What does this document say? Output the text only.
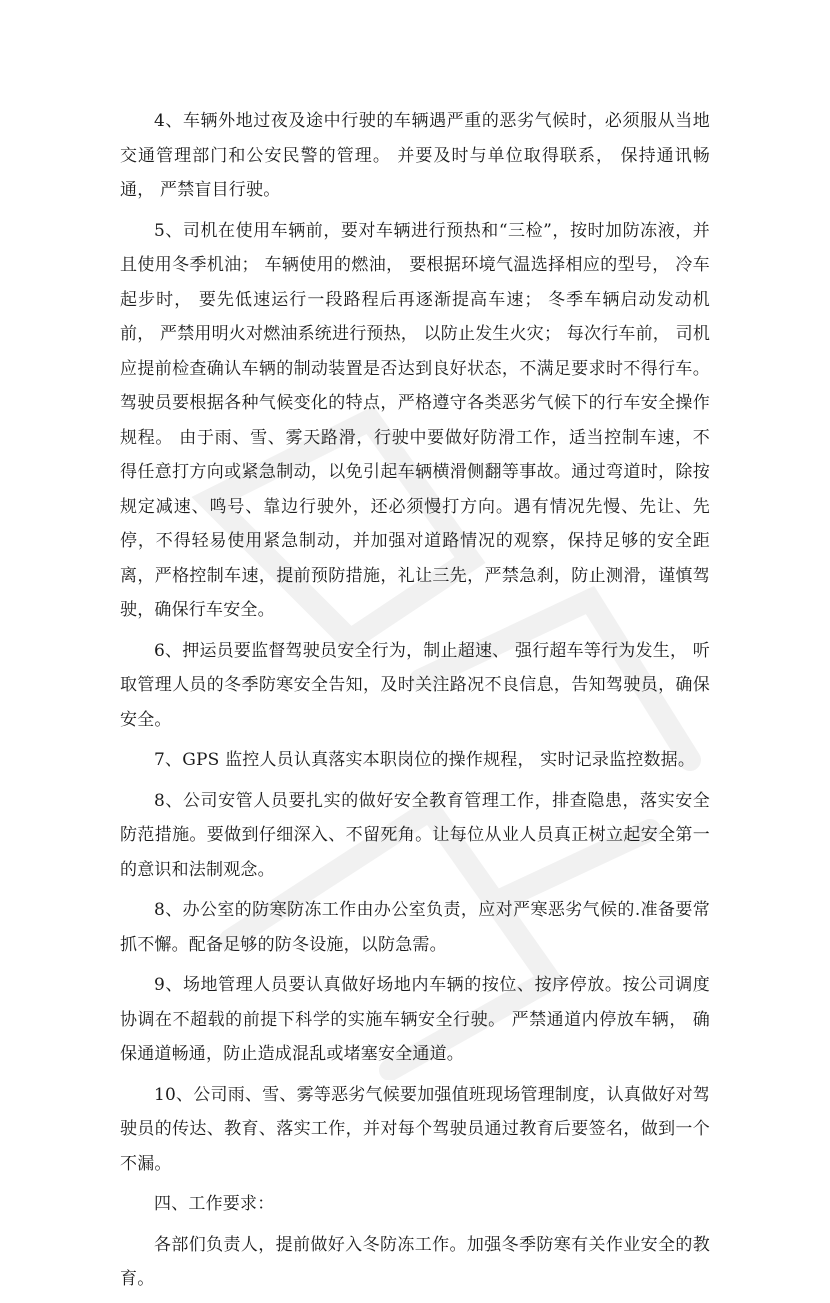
4、车辆外地过夜及途中行驶的车辆遇严重的恶劣气候时，必须服从当地交通管理部门和公安民警的管理。 并要及时与单位取得联系， 保持通讯畅通， 严禁盲目行驶。

5、司机在使用车辆前，要对车辆进行预热和“三检”，按时加防冻液，并且使用冬季机油； 车辆使用的燃油， 要根据环境气温选择相应的型号， 冷车起步时， 要先低速运行一段路程后再逐渐提高车速； 冬季车辆启动发动机前， 严禁用明火对燃油系统进行预热， 以防止发生火灾； 每次行车前， 司机应提前检查确认车辆的制动装置是否达到良好状态，不满足要求时不得行车。 驾驶员要根据各种气候变化的特点，严格遵守各类恶劣气候下的行车安全操作规程。 由于雨、雪、雾天路滑，行驶中要做好防滑工作，适当控制车速，不得任意打方向或紧急制动，以免引起车辆横滑侧翻等事故。通过弯道时，除按规定减速、鸣号、靠边行驶外，还必须慢打方向。遇有情况先慢、先让、先停，不得轻易使用紧急制动，并加强对道路情况的观察，保持足够的安全距离，严格控制车速，提前预防措施，礼让三先，严禁急刹，防止测滑，谨慎驾驶，确保行车安全。

6、押运员要监督驾驶员安全行为，制止超速、 强行超车等行为发生， 听取管理人员的冬季防寒安全告知，及时关注路况不良信息，告知驾驶员，确保安全。

7、GPS 监控人员认真落实本职岗位的操作规程， 实时记录监控数据。

8、公司安管人员要扎实的做好安全教育管理工作，排查隐患，落实安全防范措施。要做到仔细深入、不留死角。让每位从业人员真正树立起安全第一的意识和法制观念。

8、办公室的防寒防冻工作由办公室负责，应对严寒恶劣气候的.准备要常抓不懈。配备足够的防冬设施，以防急需。

9、场地管理人员要认真做好场地内车辆的按位、按序停放。按公司调度协调在不超载的前提下科学的实施车辆安全行驶。 严禁通道内停放车辆， 确保通道畅通，防止造成混乱或堵塞安全通道。

10、公司雨、雪、雾等恶劣气候要加强值班现场管理制度，认真做好对驾驶员的传达、教育、落实工作，并对每个驾驶员通过教育后要签名，做到一个不漏。

四、工作要求：

各部们负责人，提前做好入冬防冻工作。加强冬季防寒有关作业安全的教育。
